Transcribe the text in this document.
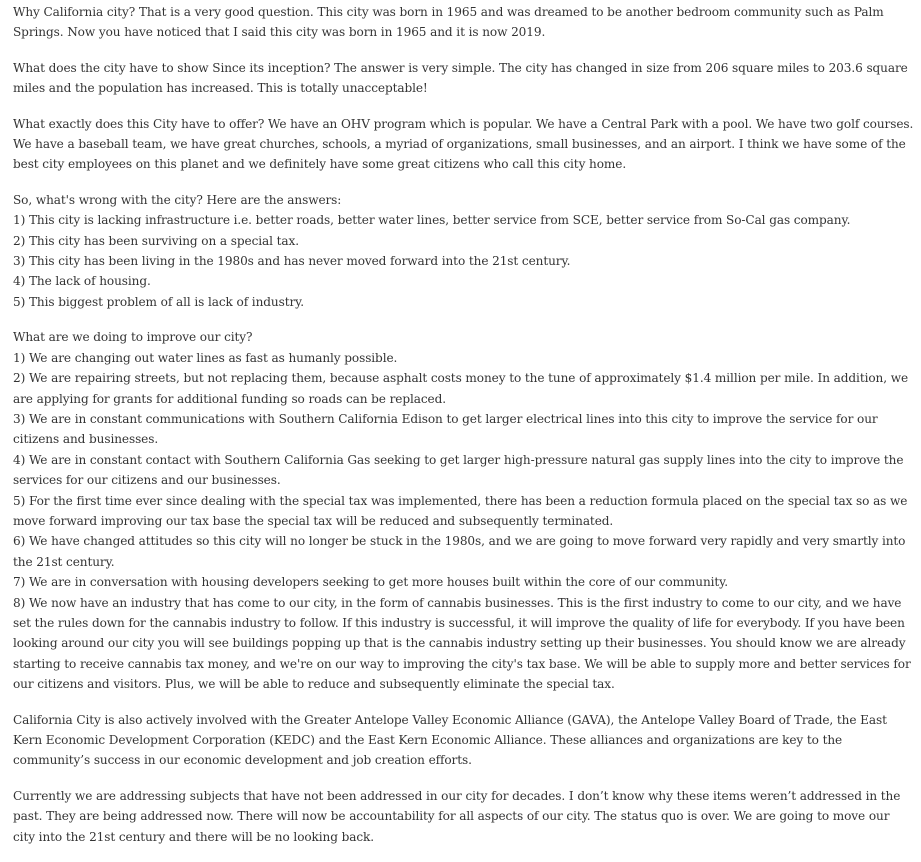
Why California city? That is a very good question. This city was born in 1965 and was dreamed to be another bedroom community such as Palm Springs. Now you have noticed that I said this city was born in 1965 and it is now 2019.

What does the city have to show Since its inception? The answer is very simple. The city has changed in size from 206 square miles to 203.6 square miles and the population has increased. This is totally unacceptable!

What exactly does this City have to offer? We have an OHV program which is popular. We have a Central Park with a pool. We have two golf courses. We have a baseball team, we have great churches, schools, a myriad of organizations, small businesses, and an airport. I think we have some of the best city employees on this planet and we definitely have some great citizens who call this city home.

So, what's wrong with the city? Here are the answers:
1) This city is lacking infrastructure i.e. better roads, better water lines, better service from SCE, better service from So-Cal gas company.
2) This city has been surviving on a special tax.
3) This city has been living in the 1980s and has never moved forward into the 21st century.
4) The lack of housing.
5) This biggest problem of all is lack of industry.

What are we doing to improve our city?
1) We are changing out water lines as fast as humanly possible.
2) We are repairing streets, but not replacing them, because asphalt costs money to the tune of approximately $1.4 million per mile. In addition, we are applying for grants for additional funding so roads can be replaced.
3) We are in constant communications with Southern California Edison to get larger electrical lines into this city to improve the service for our citizens and businesses.
4) We are in constant contact with Southern California Gas seeking to get larger high-pressure natural gas supply lines into the city to improve the services for our citizens and our businesses.
5) For the first time ever since dealing with the special tax was implemented, there has been a reduction formula placed on the special tax so as we move forward improving our tax base the special tax will be reduced and subsequently terminated.
6) We have changed attitudes so this city will no longer be stuck in the 1980s, and we are going to move forward very rapidly and very smartly into the 21st century.
7) We are in conversation with housing developers seeking to get more houses built within the core of our community.
8) We now have an industry that has come to our city, in the form of cannabis businesses. This is the first industry to come to our city, and we have set the rules down for the cannabis industry to follow. If this industry is successful, it will improve the quality of life for everybody. If you have been looking around our city you will see buildings popping up that is the cannabis industry setting up their businesses. You should know we are already starting to receive cannabis tax money, and we're on our way to improving the city's tax base. We will be able to supply more and better services for our citizens and visitors. Plus, we will be able to reduce and subsequently eliminate the special tax.

California City is also actively involved with the Greater Antelope Valley Economic Alliance (GAVA), the Antelope Valley Board of Trade, the East Kern Economic Development Corporation (KEDC) and the East Kern Economic Alliance. These alliances and organizations are key to the community’s success in our economic development and job creation efforts.

Currently we are addressing subjects that have not been addressed in our city for decades. I don’t know why these items weren’t addressed in the past. They are being addressed now. There will now be accountability for all aspects of our city. The status quo is over. We are going to move our city into the 21st century and there will be no looking back.
